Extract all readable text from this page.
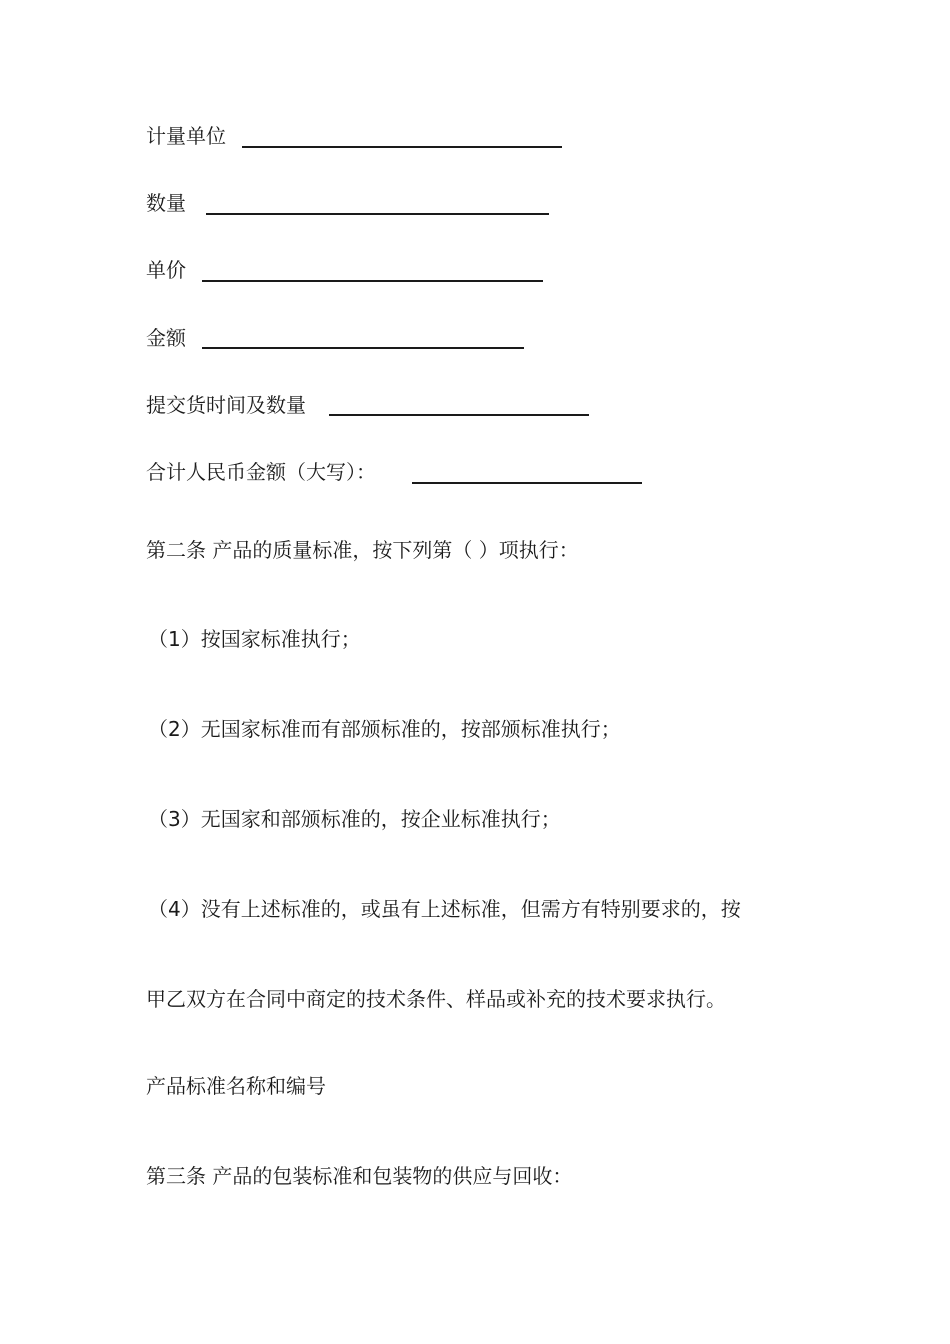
计量单位
数量
单价
金额
提交货时间及数量
合计人民币金额（大写）：
第二条 产品的质量标准，按下列第（ ）项执行：
（1）按国家标准执行；
（2）无国家标准而有部颁标准的，按部颁标准执行；
（3）无国家和部颁标准的，按企业标准执行；
（4）没有上述标准的，或虽有上述标准，但需方有特别要求的，按
甲乙双方在合同中商定的技术条件、样品或补充的技术要求执行。
产品标准名称和编号
第三条 产品的包装标准和包装物的供应与回收：
